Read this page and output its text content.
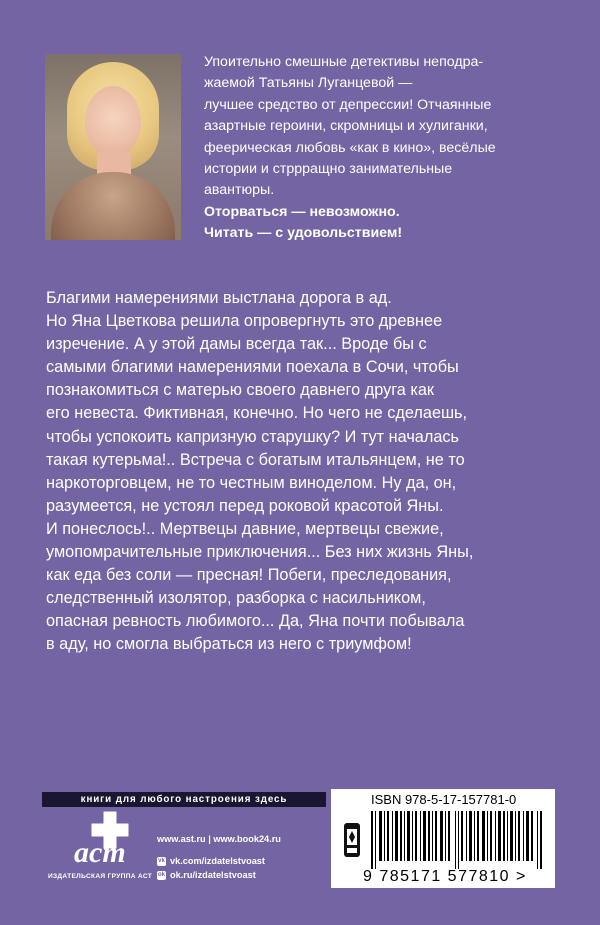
Упоительно смешные детективы неподра-

жаемой Татьяны Луганцевой —

лучшее средство от депрессии! Отчаянные

азартные героини, скромницы и хулиганки,

феерическая любовь «как в кино», весёлые

истории и стррращно занимательные

авантюры.

Оторваться — невозможно.

Читать — с удовольствием!

Благими намерениями выстлана дорога в ад.

Но Яна Цветкова решила опровергнуть это древнее

изречение. А у этой дамы всегда так... Вроде бы с

самыми благими намерениями поехала в Сочи, чтобы

познакомиться с матерью своего давнего друга как

его невеста. Фиктивная, конечно. Но чего не сделаешь,

чтобы успокоить капризную старушку? И тут началась

такая кутерьма!.. Встреча с богатым итальянцем, не то

наркоторговцем, не то честным виноделом. Ну да, он,

разумеется, не устоял перед роковой красотой Яны.

И понеслось!.. Мертвецы давние, мертвецы свежие,

умопомрачительные приключения... Без них жизнь Яны,

как еда без соли — пресная! Побеги, преследования,

следственный изолятор, разборка с насильником,

опасная ревность любимого... Да, Яна почти побывала

в аду, но смогла выбраться из него с триумфом!

книги для любого настроения здесь
аст
ИЗДАТЕЛЬСКАЯ ГРУППА АСТ
www.ast.ru | www.book24.ru
vk vk.com/izdatelstvoast
ok ok.ru/izdatelstvoast
ISBN 978-5-17-157781-0
9 785171 577810 >
